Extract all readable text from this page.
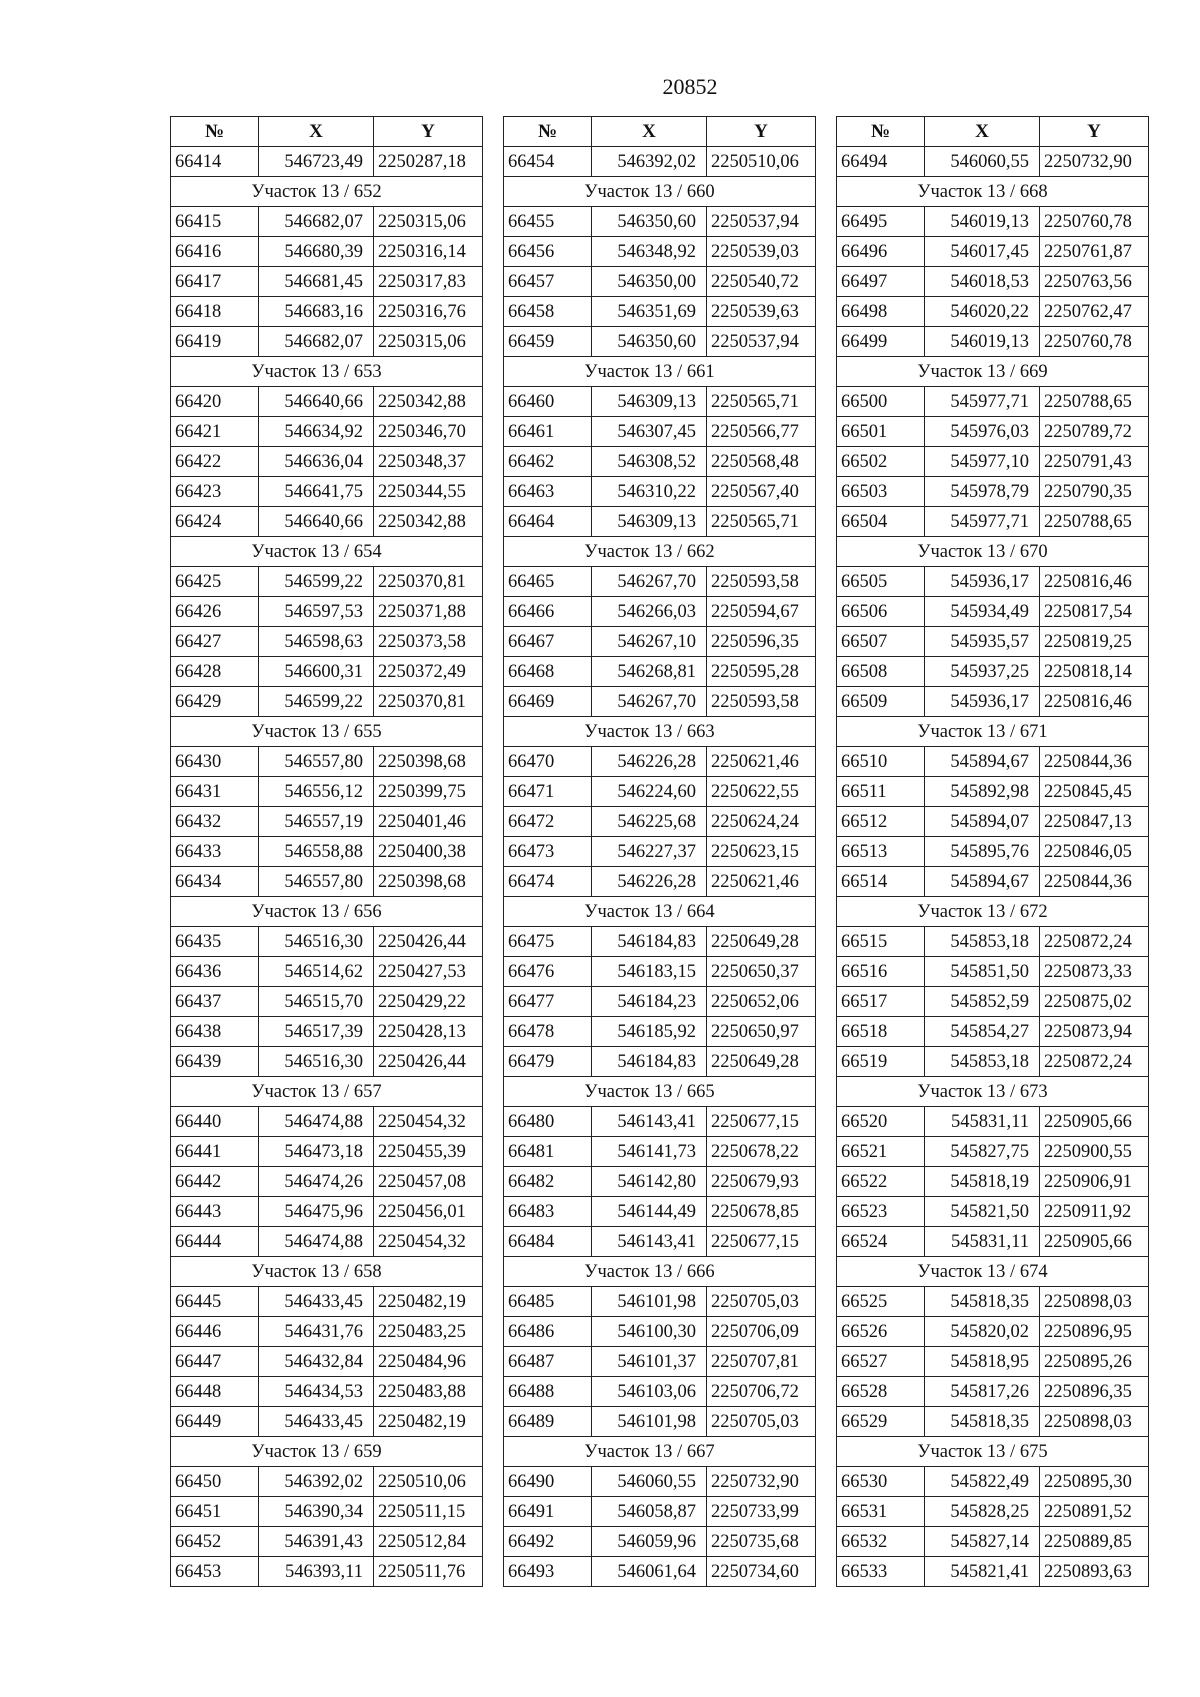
20852
№	X	Y
66414	546723,49	2250287,18
Участок 13 / 652		
66415	546682,07	2250315,06
66416	546680,39	2250316,14
66417	546681,45	2250317,83
66418	546683,16	2250316,76
66419	546682,07	2250315,06
Участок 13 / 653		
66420	546640,66	2250342,88
66421	546634,92	2250346,70
66422	546636,04	2250348,37
66423	546641,75	2250344,55
66424	546640,66	2250342,88
Участок 13 / 654		
66425	546599,22	2250370,81
66426	546597,53	2250371,88
66427	546598,63	2250373,58
66428	546600,31	2250372,49
66429	546599,22	2250370,81
Участок 13 / 655		
66430	546557,80	2250398,68
66431	546556,12	2250399,75
66432	546557,19	2250401,46
66433	546558,88	2250400,38
66434	546557,80	2250398,68
Участок 13 / 656		
66435	546516,30	2250426,44
66436	546514,62	2250427,53
66437	546515,70	2250429,22
66438	546517,39	2250428,13
66439	546516,30	2250426,44
Участок 13 / 657		
66440	546474,88	2250454,32
66441	546473,18	2250455,39
66442	546474,26	2250457,08
66443	546475,96	2250456,01
66444	546474,88	2250454,32
Участок 13 / 658		
66445	546433,45	2250482,19
66446	546431,76	2250483,25
66447	546432,84	2250484,96
66448	546434,53	2250483,88
66449	546433,45	2250482,19
Участок 13 / 659		
66450	546392,02	2250510,06
66451	546390,34	2250511,15
66452	546391,43	2250512,84
66453	546393,11	2250511,76
№	X	Y
66454	546392,02	2250510,06
Участок 13 / 660		
66455	546350,60	2250537,94
66456	546348,92	2250539,03
66457	546350,00	2250540,72
66458	546351,69	2250539,63
66459	546350,60	2250537,94
Участок 13 / 661		
66460	546309,13	2250565,71
66461	546307,45	2250566,77
66462	546308,52	2250568,48
66463	546310,22	2250567,40
66464	546309,13	2250565,71
Участок 13 / 662		
66465	546267,70	2250593,58
66466	546266,03	2250594,67
66467	546267,10	2250596,35
66468	546268,81	2250595,28
66469	546267,70	2250593,58
Участок 13 / 663		
66470	546226,28	2250621,46
66471	546224,60	2250622,55
66472	546225,68	2250624,24
66473	546227,37	2250623,15
66474	546226,28	2250621,46
Участок 13 / 664		
66475	546184,83	2250649,28
66476	546183,15	2250650,37
66477	546184,23	2250652,06
66478	546185,92	2250650,97
66479	546184,83	2250649,28
Участок 13 / 665		
66480	546143,41	2250677,15
66481	546141,73	2250678,22
66482	546142,80	2250679,93
66483	546144,49	2250678,85
66484	546143,41	2250677,15
Участок 13 / 666		
66485	546101,98	2250705,03
66486	546100,30	2250706,09
66487	546101,37	2250707,81
66488	546103,06	2250706,72
66489	546101,98	2250705,03
Участок 13 / 667		
66490	546060,55	2250732,90
66491	546058,87	2250733,99
66492	546059,96	2250735,68
66493	546061,64	2250734,60
№	X	Y
66494	546060,55	2250732,90
Участок 13 / 668		
66495	546019,13	2250760,78
66496	546017,45	2250761,87
66497	546018,53	2250763,56
66498	546020,22	2250762,47
66499	546019,13	2250760,78
Участок 13 / 669		
66500	545977,71	2250788,65
66501	545976,03	2250789,72
66502	545977,10	2250791,43
66503	545978,79	2250790,35
66504	545977,71	2250788,65
Участок 13 / 670		
66505	545936,17	2250816,46
66506	545934,49	2250817,54
66507	545935,57	2250819,25
66508	545937,25	2250818,14
66509	545936,17	2250816,46
Участок 13 / 671		
66510	545894,67	2250844,36
66511	545892,98	2250845,45
66512	545894,07	2250847,13
66513	545895,76	2250846,05
66514	545894,67	2250844,36
Участок 13 / 672		
66515	545853,18	2250872,24
66516	545851,50	2250873,33
66517	545852,59	2250875,02
66518	545854,27	2250873,94
66519	545853,18	2250872,24
Участок 13 / 673		
66520	545831,11	2250905,66
66521	545827,75	2250900,55
66522	545818,19	2250906,91
66523	545821,50	2250911,92
66524	545831,11	2250905,66
Участок 13 / 674		
66525	545818,35	2250898,03
66526	545820,02	2250896,95
66527	545818,95	2250895,26
66528	545817,26	2250896,35
66529	545818,35	2250898,03
Участок 13 / 675		
66530	545822,49	2250895,30
66531	545828,25	2250891,52
66532	545827,14	2250889,85
66533	545821,41	2250893,63
